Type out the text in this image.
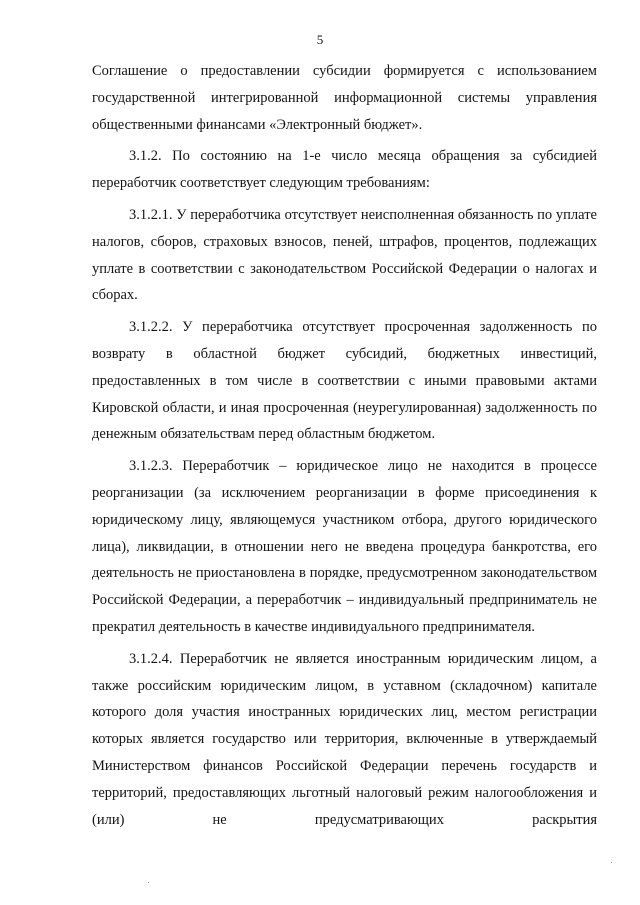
5

Соглашение о предоставлении субсидии формируется с использованием государственной интегрированной информационной системы управления общественными финансами «Электронный бюджет».

3.1.2. По состоянию на 1-е число месяца обращения за субсидией переработчик соответствует следующим требованиям:

3.1.2.1. У переработчика отсутствует неисполненная обязанность по уплате налогов, сборов, страховых взносов, пеней, штрафов, процентов, подлежащих уплате в соответствии с законодательством Российской Федерации о налогах и сборах.

3.1.2.2. У переработчика отсутствует просроченная задолженность по возврату в областной бюджет субсидий, бюджетных инвестиций, предоставленных в том числе в соответствии с иными правовыми актами Кировской области, и иная просроченная (неурегулированная) задолженность по денежным обязательствам перед областным бюджетом.

3.1.2.3. Переработчик – юридическое лицо не находится в процессе реорганизации (за исключением реорганизации в форме присоединения к юридическому лицу, являющемуся участником отбора, другого юридического лица), ликвидации, в отношении него не введена процедура банкротства, его деятельность не приостановлена в порядке, предусмотренном законодательством Российской Федерации, а переработчик – индивидуальный предприниматель не прекратил деятельность в качестве индивидуального предпринимателя.

3.1.2.4. Переработчик не является иностранным юридическим лицом, а также российским юридическим лицом, в уставном (складочном) капитале которого доля участия иностранных юридических лиц, местом регистрации которых является государство или территория, включенные в утверждаемый Министерством финансов Российской Федерации перечень государств и территорий, предоставляющих льготный налоговый режим налогообложения и (или) не предусматривающих раскрытия
